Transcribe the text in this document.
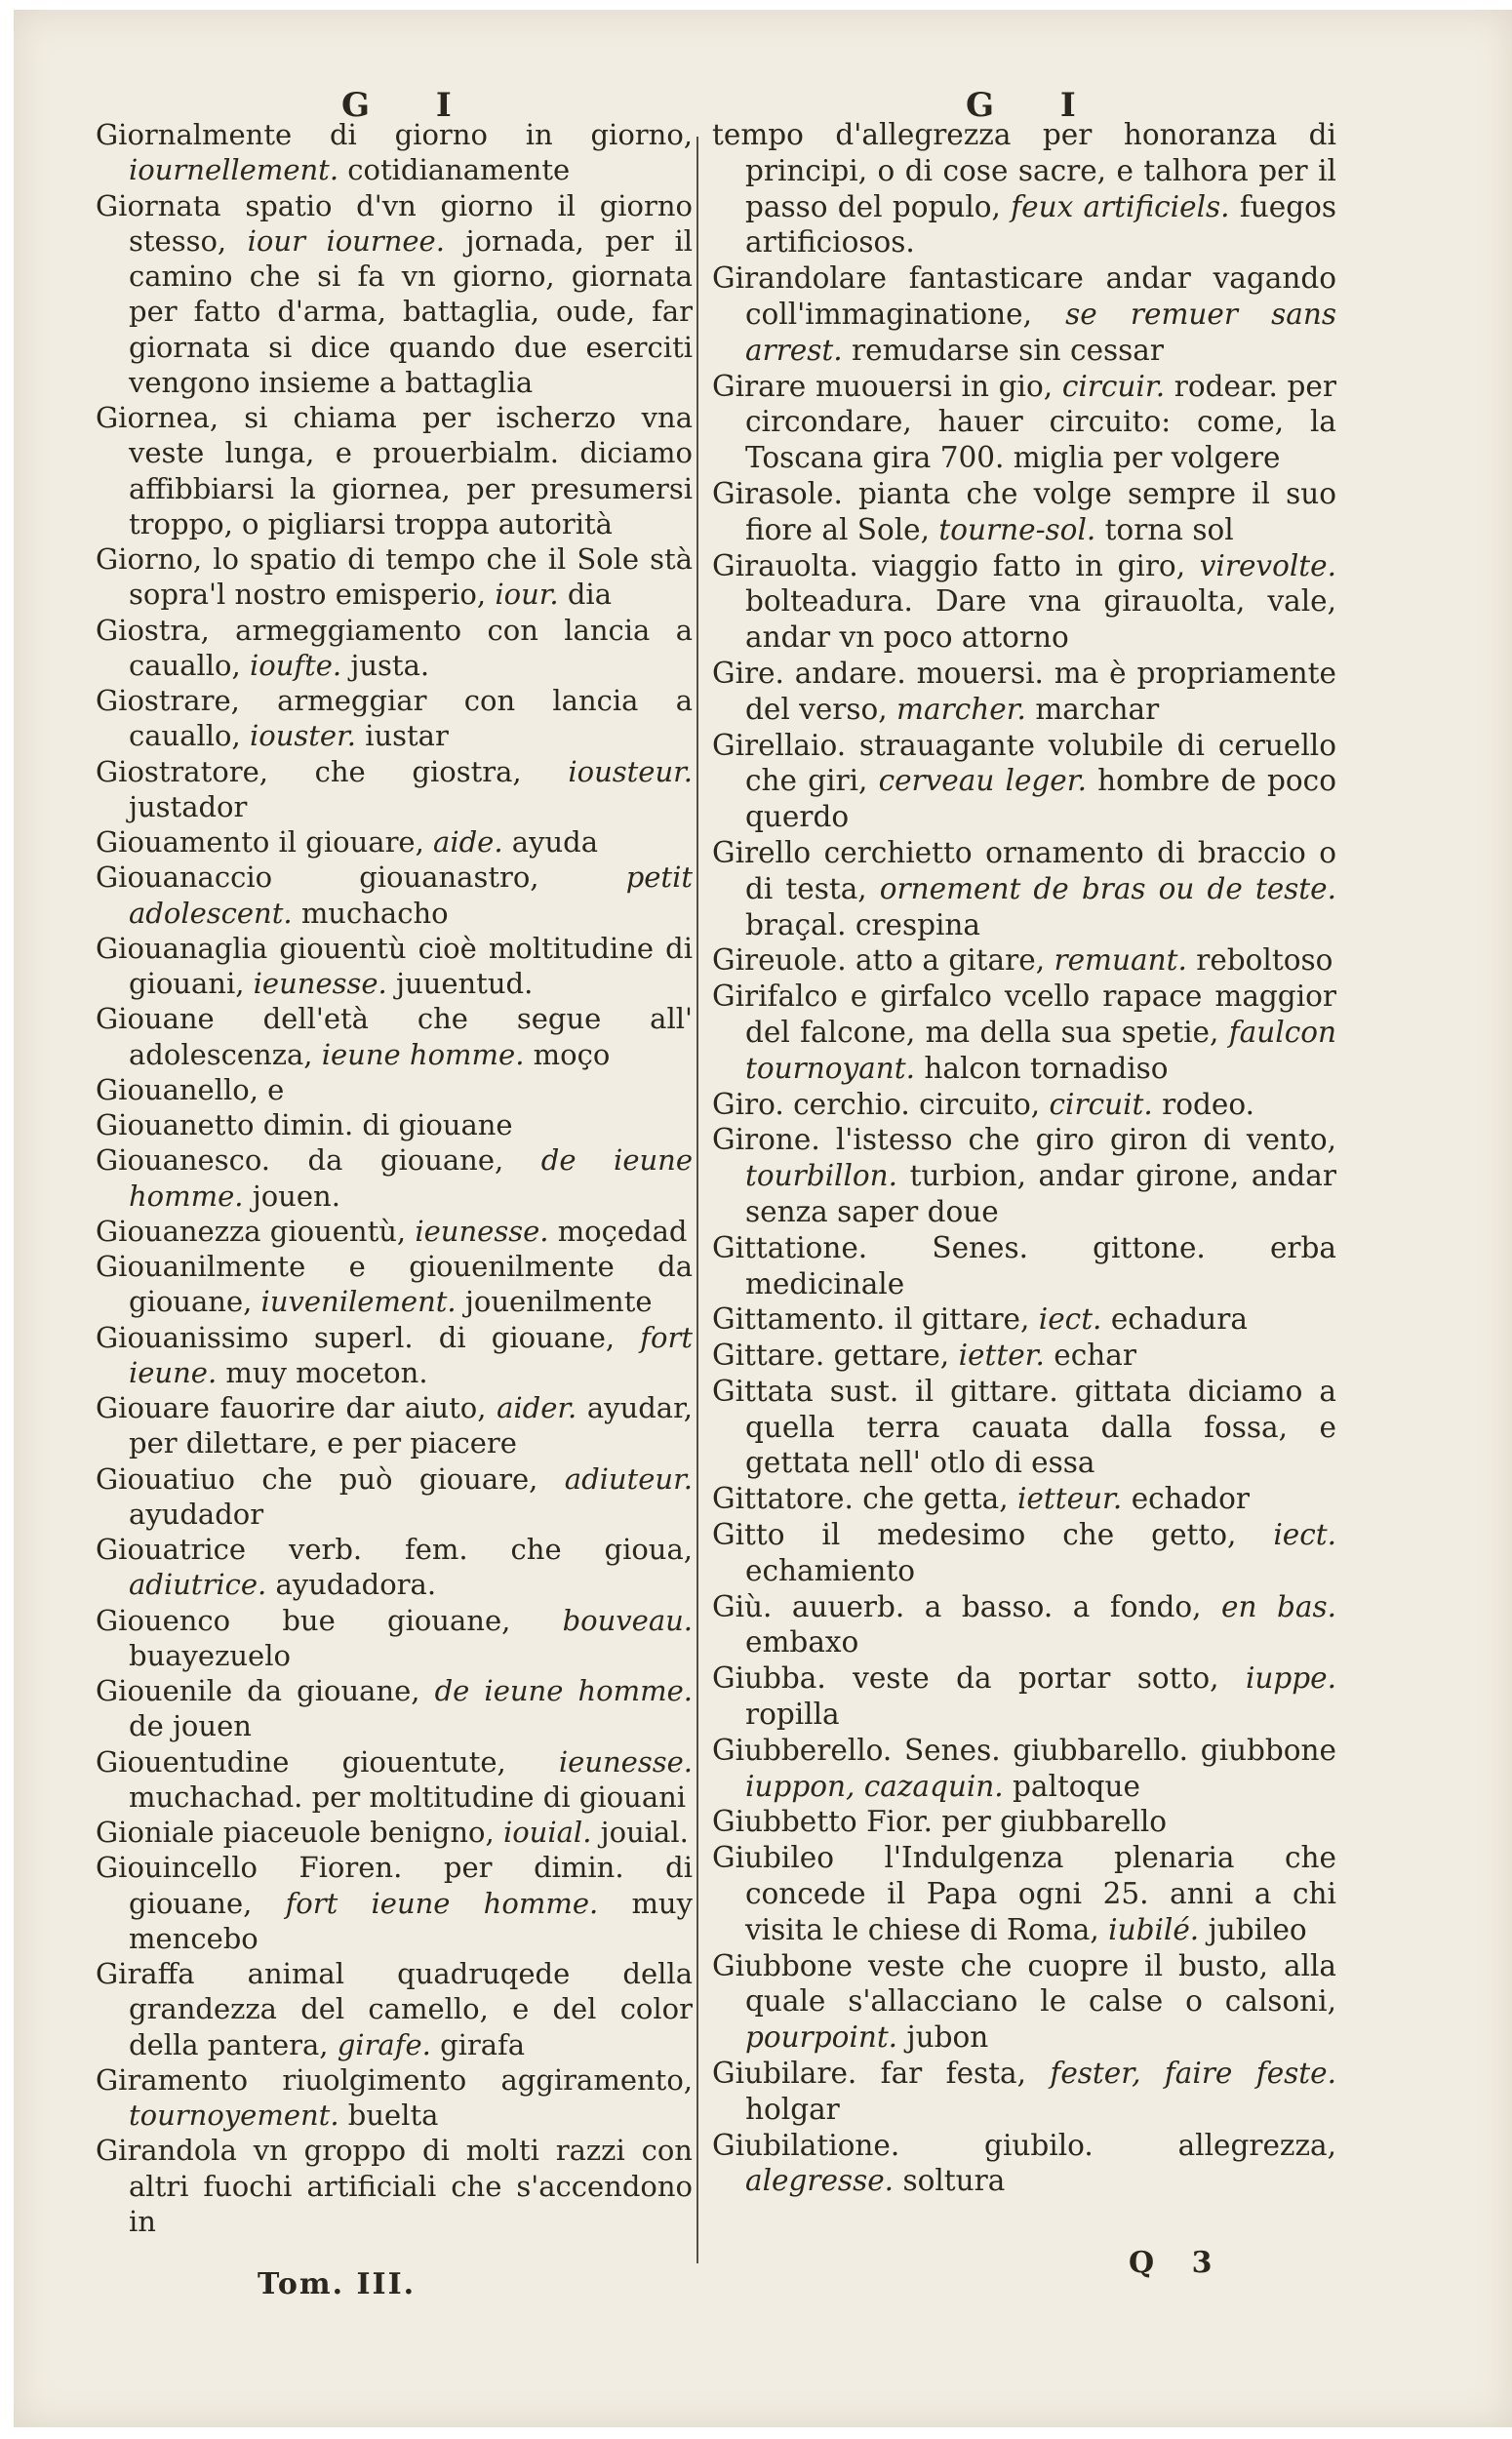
G I	G I

Giornalmente di giorno in giorno, iournellement. cotidianamente

Giornata spatio d'vn giorno il giorno stesso, iour iournee. jornada, per il camino che si fa vn giorno, giornata per fatto d'arma, battaglia, oude, far giornata si dice quando due eserciti vengono insieme a battaglia

Giornea, si chiama per ischerzo vna veste lunga, e prouerbialm. diciamo affibbiarsi la giornea, per presumersi troppo, o pigliarsi troppa autorità

Giorno, lo spatio di tempo che il Sole stà sopra'l nostro emisperio, iour. dia

Giostra, armeggiamento con lancia a cauallo, ioufte. justa.

Giostrare, armeggiar con lancia a cauallo, iouster. iustar

Giostratore, che giostra, iousteur. justador

Giouamento il giouare, aide. ayuda

Giouanaccio giouanastro,	petit adolescent. muchacho

Giouanaglia giouentù cioè moltitudine di giouani, ieunesse. juuentud.

Giouane dell'età che segue all' adolescenza, ieune homme. moço

Giouanello, e

Giouanetto dimin. di giouane

Giouanesco. da giouane, de ieune homme. jouen.

Giouanezza giouentù, ieunesse. moçedad

Giouanilmente e giouenilmente da giouane, iuvenilement. jouenilmente

Giouanissimo superl. di giouane, fort ieune. muy moceton.

Giouare fauorire dar aiuto, aider. ayudar, per dilettare, e per piacere

Giouatiuo che può giouare, adiuteur. ayudador

Giouatrice verb. fem. che gioua, adiutrice. ayudadora.

Giouenco bue giouane, bouveau. buayezuelo

Giouenile da giouane, de ieune homme. de jouen

Giouentudine giouentute, ieunesse. muchachad. per moltitudine di giouani

Gioniale piaceuole benigno, iouial. jouial.

Giouincello Fioren. per dimin. di giouane, fort ieune homme. muy mencebo

Giraffa animal quadruqede della grandezza del camello, e del color della pantera, girafe. girafa

Giramento riuolgimento aggiramento, tournoyement. buelta

Girandola vn groppo di molti razzi con altri fuochi artificiali che s'accendono in

tempo d'allegrezza per honoranza di principi, o di cose sacre, e talhora per il passo del populo, feux artificiels. fuegos artificiosos.

Girandolare fantasticare andar vagando coll'immaginatione, se remuer sans arrest. remudarse sin cessar

Girare muouersi in gio, circuir. rodear. per circondare, hauer circuito: come, la Toscana gira 700. miglia per volgere

Girasole. pianta che volge sempre il suo fiore al Sole, tourne-sol. torna sol

Girauolta. viaggio fatto in giro, virevolte. bolteadura. Dare vna girauolta, vale, andar vn poco attorno

Gire. andare. mouersi. ma è propriamente del verso, marcher. marchar

Girellaio. strauagante volubile di ceruello che giri, cerveau leger. hombre de poco querdo

Girello cerchietto ornamento di braccio o di testa, ornement de bras ou de teste. braçal. crespina

Gireuole. atto a gitare, remuant. reboltoso

Girifalco e girfalco vcello rapace maggior del falcone, ma della sua spetie, faulcon tournoyant. halcon tornadiso

Giro. cerchio. circuito, circuit. rodeo.

Girone. l'istesso che giro giron di vento, tourbillon. turbion, andar girone, andar senza saper doue

Gittatione. Senes. gittone. erba medicinale

Gittamento. il gittare, iect. echadura

Gittare. gettare, ietter. echar

Gittata sust. il gittare. gittata diciamo a quella terra cauata dalla fossa, e gettata nell' otlo di essa

Gittatore. che getta, ietteur. echador

Gitto il medesimo che getto, iect. echamiento

Giù. auuerb. a basso. a fondo, en bas. embaxo

Giubba. veste da portar sotto, iuppe. ropilla

Giubberello. Senes. giubbarello. giubbone iuppon, cazaquin. paltoque

Giubbetto Fior. per giubbarello

Giubileo l'Indulgenza plenaria che concede il Papa ogni 25. anni a chi visita le chiese di Roma, iubilé. jubileo

Giubbone veste che cuopre il busto, alla quale s'allacciano le calse o calsoni, pourpoint. jubon

Giubilare. far festa, fester, faire feste. holgar

Giubilatione. giubilo. allegrezza, alegresse. soltura

Tom. III.
Q 3
